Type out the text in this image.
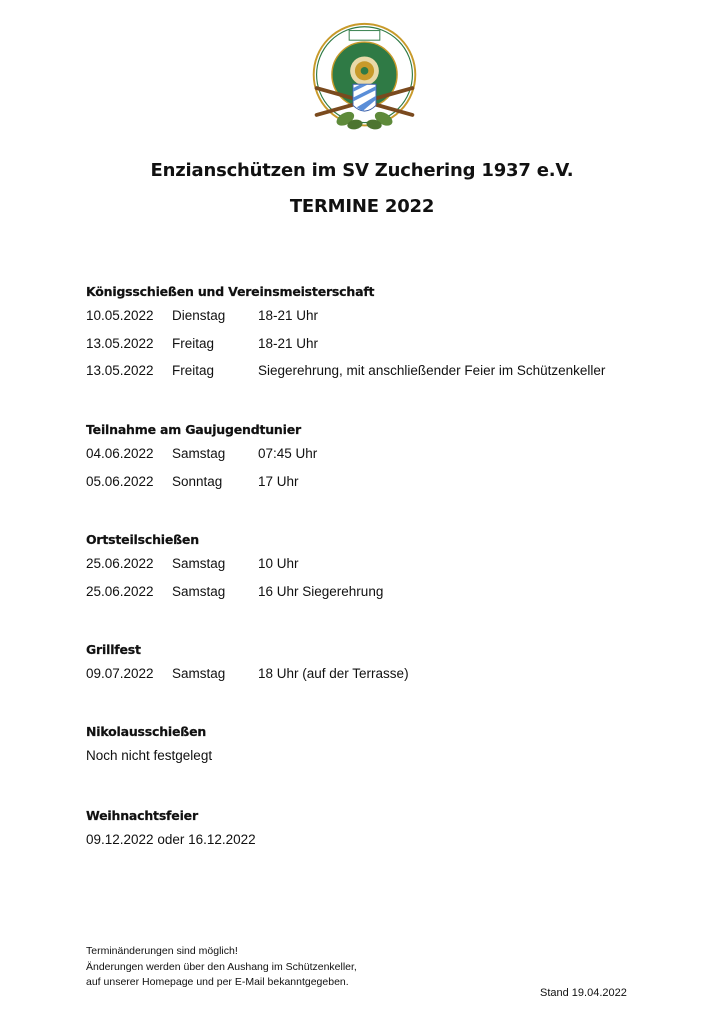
Enzianschützen im SV Zuchering 1937 e.V.
TERMINE 2022
Königsschießen und Vereinsmeisterschaft
10.05.2022	Dienstag	18-21 Uhr
13.05.2022	Freitag	18-21 Uhr
13.05.2022	Freitag	Siegerehrung, mit anschließender Feier im Schützenkeller
Teilnahme am Gaujugendtunier
04.06.2022	Samstag	07:45 Uhr
05.06.2022	Sonntag	17 Uhr
Ortsteilschießen
25.06.2022	Samstag	10 Uhr
25.06.2022	Samstag	16 Uhr Siegerehrung
Grillfest
09.07.2022	Samstag	18 Uhr (auf der Terrasse)
Nikolausschießen
Noch nicht festgelegt
Weihnachtsfeier
09.12.2022 oder 16.12.2022
Terminänderungen sind möglich!
Änderungen werden über den Aushang im Schützenkeller,
auf unserer Homepage und per E-Mail bekanntgegeben.
Stand 19.04.2022
